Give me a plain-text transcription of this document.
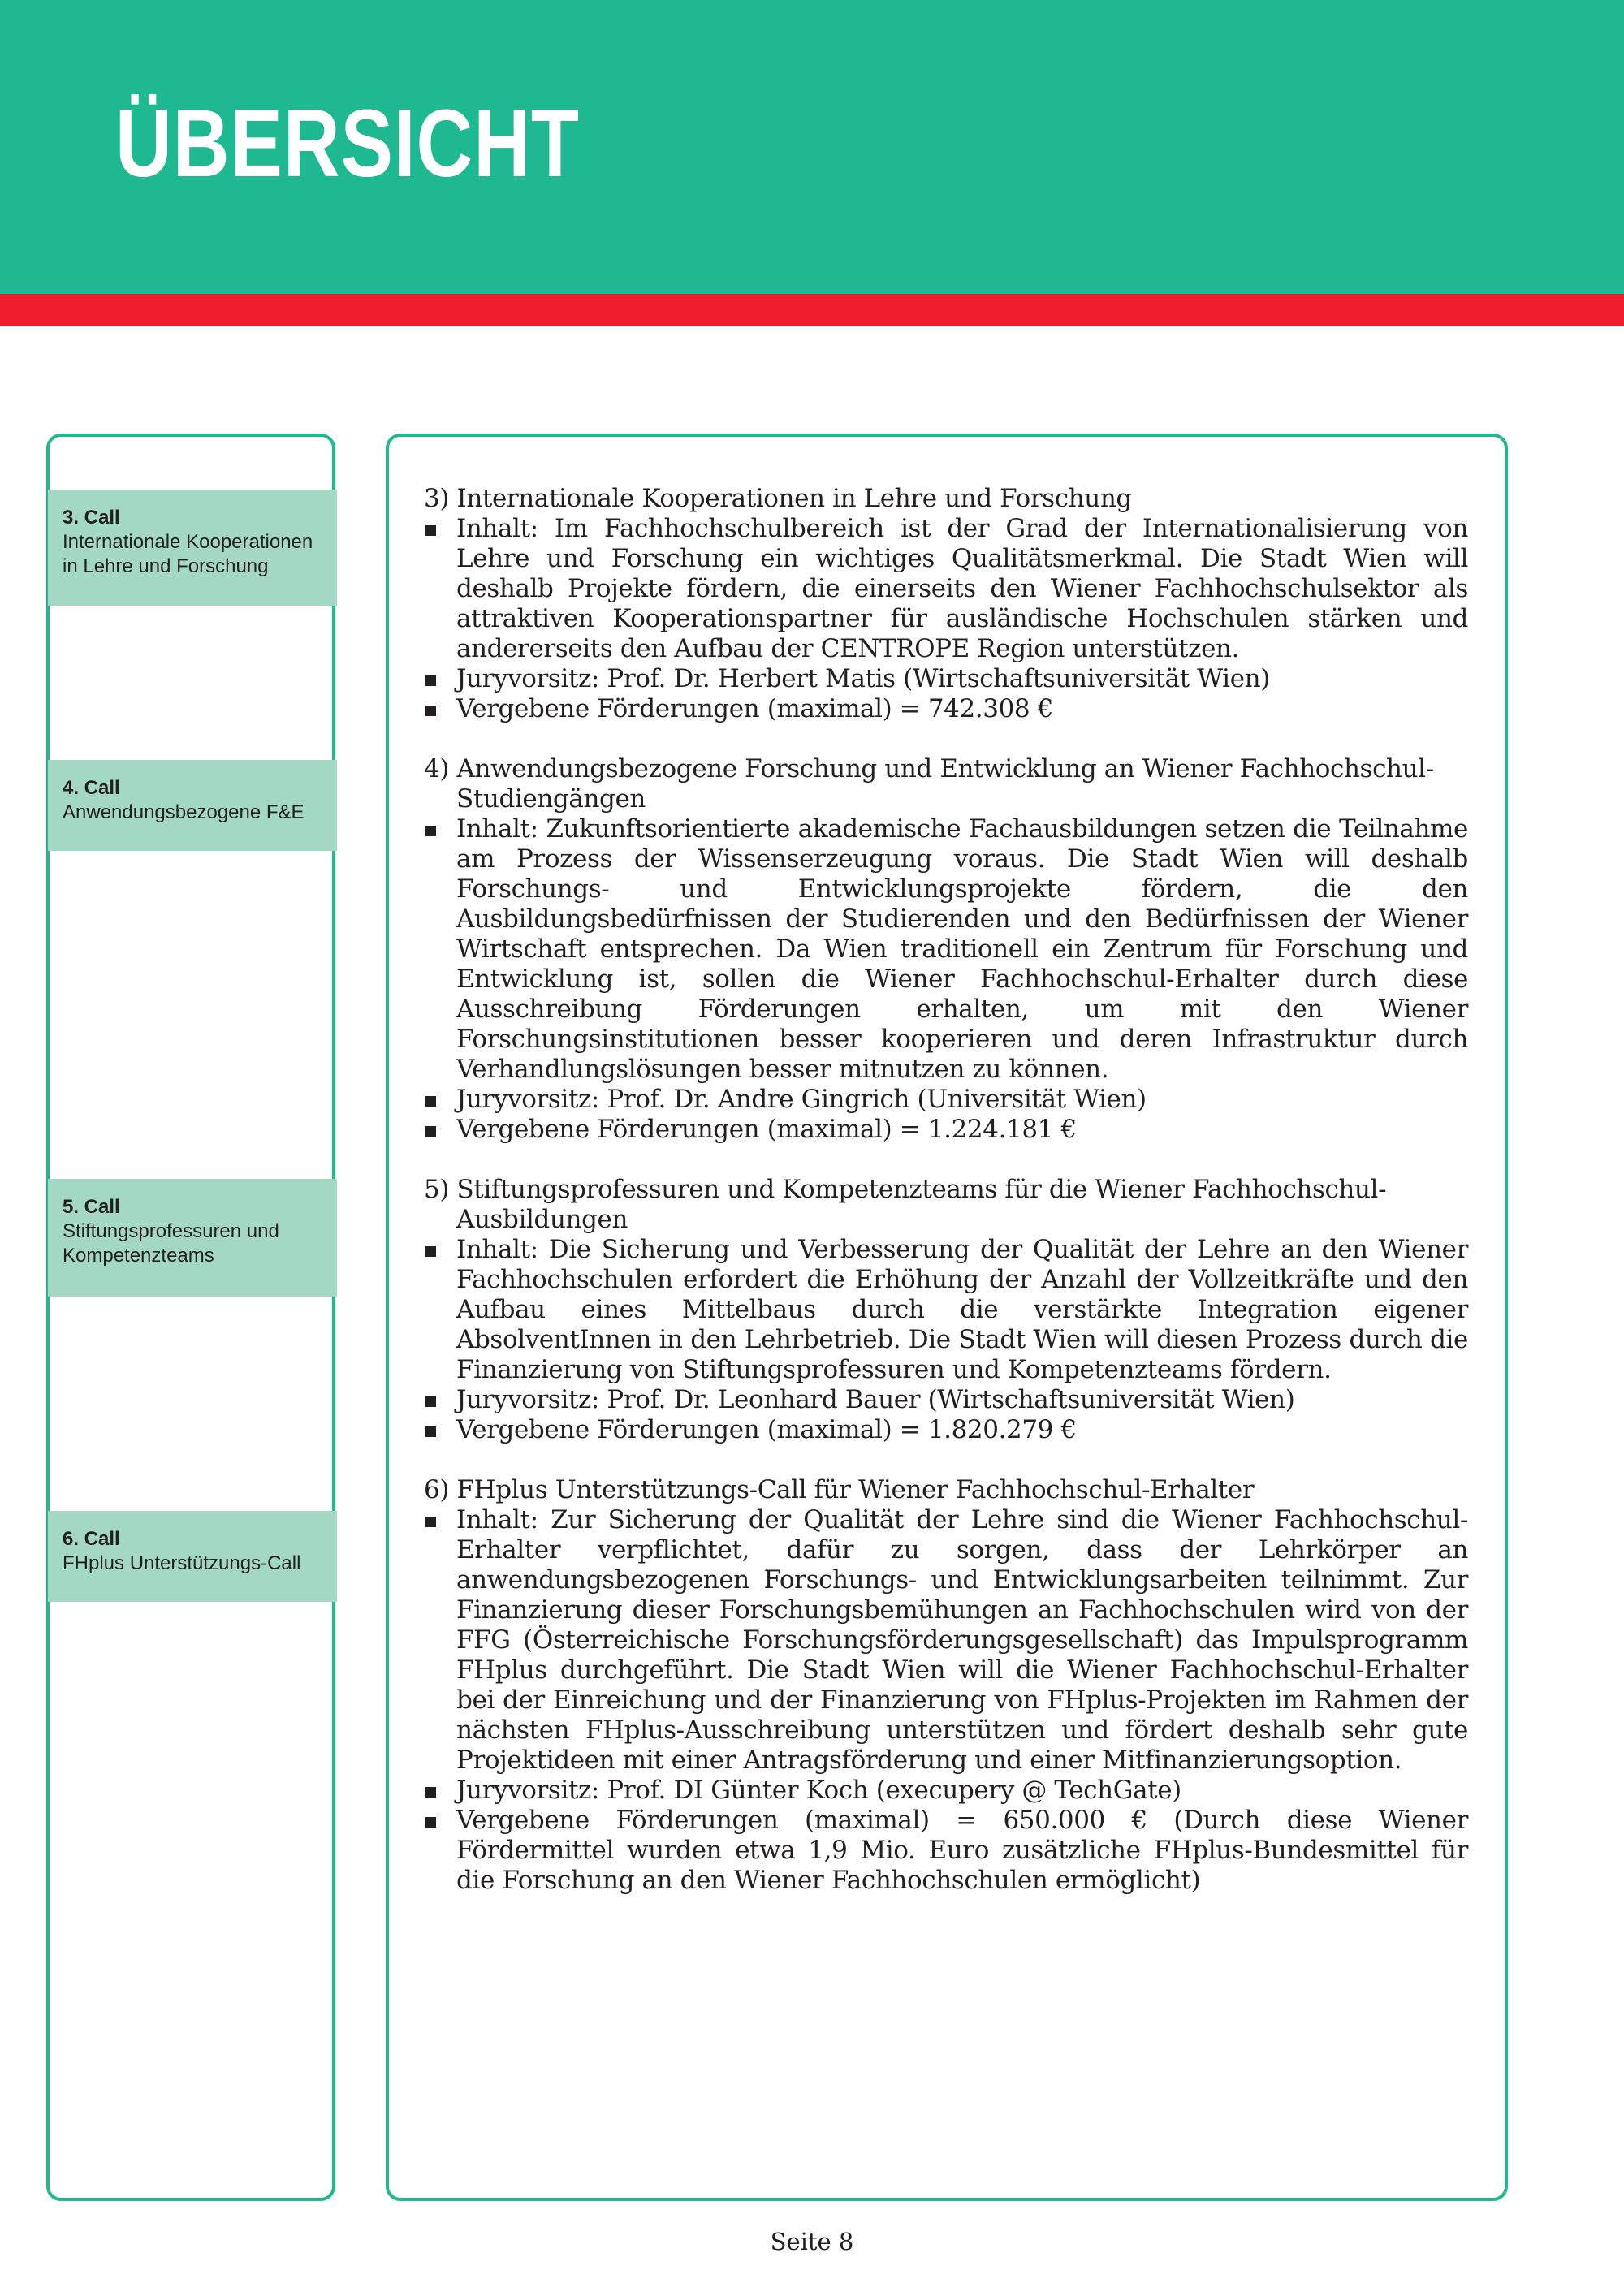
ÜBERSICHT
3. Call
Internationale Kooperationen in Lehre und Forschung
4. Call
Anwendungsbezogene F&E
5. Call
Stiftungsprofessuren und Kompetenzteams
6. Call
FHplus Unterstützungs-Call
3) Internationale Kooperationen in Lehre und Forschung
Inhalt: Im Fachhochschulbereich ist der Grad der Internationalisierung von Lehre und Forschung ein wichtiges Qualitätsmerkmal. Die Stadt Wien will deshalb Projekte fördern, die einerseits den Wiener Fachhochschulsektor als attraktiven Kooperationspartner für ausländische Hochschulen stärken und andererseits den Aufbau der CENTROPE Region unterstützen.
Juryvorsitz: Prof. Dr. Herbert Matis (Wirtschaftsuniversität Wien)
Vergebene Förderungen (maximal) = 742.308 €
4) Anwendungsbezogene Forschung und Entwicklung an Wiener Fachhochschul-Studiengängen
Inhalt: Zukunftsorientierte akademische Fachausbildungen setzen die Teilnahme am Prozess der Wissenserzeugung voraus. Die Stadt Wien will deshalb Forschungs- und Entwicklungsprojekte fördern, die den Ausbildungsbedürfnissen der Studierenden und den Bedürfnissen der Wiener Wirtschaft entsprechen. Da Wien traditionell ein Zentrum für Forschung und Entwicklung ist, sollen die Wiener Fachhochschul-Erhalter durch diese Ausschreibung Förderungen erhalten, um mit den Wiener Forschungsinstitutionen besser kooperieren und deren Infrastruktur durch Verhandlungslösungen besser mitnutzen zu können.
Juryvorsitz: Prof. Dr. Andre Gingrich (Universität Wien)
Vergebene Förderungen (maximal) = 1.224.181 €
5) Stiftungsprofessuren und Kompetenzteams für die Wiener Fachhochschul-Ausbildungen
Inhalt: Die Sicherung und Verbesserung der Qualität der Lehre an den Wiener Fachhochschulen erfordert die Erhöhung der Anzahl der Vollzeitkräfte und den Aufbau eines Mittelbaus durch die verstärkte Integration eigener AbsolventInnen in den Lehrbetrieb. Die Stadt Wien will diesen Prozess durch die Finanzierung von Stiftungsprofessuren und Kompetenzteams fördern.
Juryvorsitz: Prof. Dr. Leonhard Bauer (Wirtschaftsuniversität Wien)
Vergebene Förderungen (maximal) = 1.820.279 €
6) FHplus Unterstützungs-Call für Wiener Fachhochschul-Erhalter
Inhalt: Zur Sicherung der Qualität der Lehre sind die Wiener Fachhochschul-Erhalter verpflichtet, dafür zu sorgen, dass der Lehrkörper an anwendungsbezogenen Forschungs- und Entwicklungsarbeiten teilnimmt. Zur Finanzierung dieser Forschungsbemühungen an Fachhochschulen wird von der FFG (Österreichische Forschungsförderungsgesellschaft) das Impulsprogramm FHplus durchgeführt. Die Stadt Wien will die Wiener Fachhochschul-Erhalter bei der Einreichung und der Finanzierung von FHplus-Projekten im Rahmen der nächsten FHplus-Ausschreibung unterstützen und fördert deshalb sehr gute Projektideen mit einer Antragsförderung und einer Mitfinanzierungsoption.
Juryvorsitz: Prof. DI Günter Koch (execupery @ TechGate)
Vergebene Förderungen (maximal) = 650.000 € (Durch diese Wiener Fördermittel wurden etwa 1,9 Mio. Euro zusätzliche FHplus-Bundesmittel für die Forschung an den Wiener Fachhochschulen ermöglicht)
Seite 8
